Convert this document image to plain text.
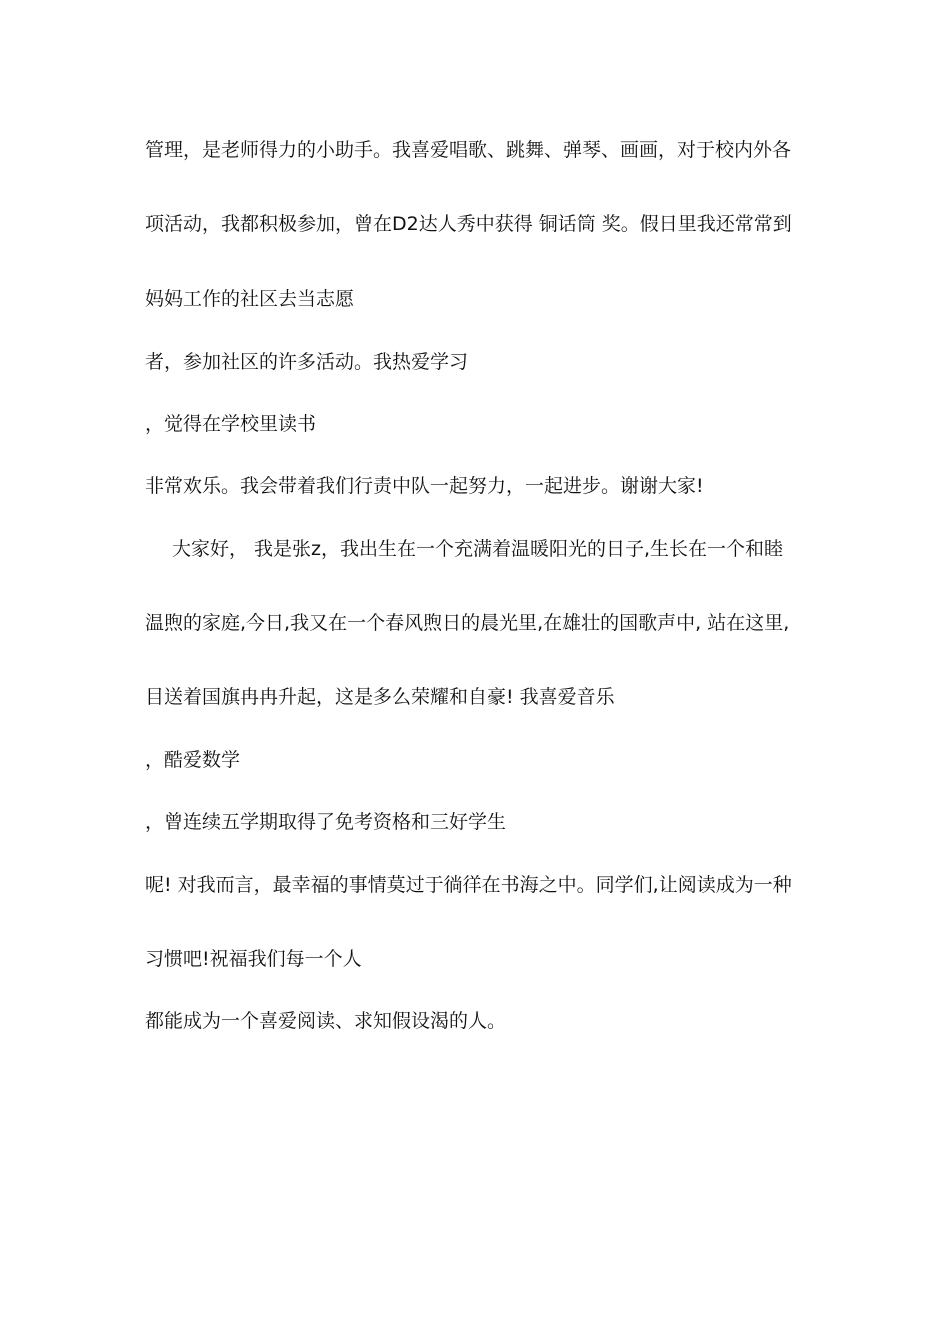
管理，是老师得力的小助手。我喜爱唱歌、跳舞、弹琴、画画，对于校内外各
项活动，我都积极参加，曾在D2达人秀中获得 铜话筒 奖。假日里我还常常到
妈妈工作的社区去当志愿
者，参加社区的许多活动。我热爱学习
，觉得在学校里读书
非常欢乐。我会带着我们行责中队一起努力，一起进步。谢谢大家!
大家好， 我是张z，我出生在一个充满着温暖阳光的日子,生长在一个和睦
温煦的家庭,今日,我又在一个春风煦日的晨光里,在雄壮的国歌声中, 站在这里,
目送着国旗冉冉升起，这是多么荣耀和自豪! 我喜爱音乐
，酷爱数学
，曾连续五学期取得了免考资格和三好学生
呢! 对我而言，最幸福的事情莫过于徜徉在书海之中。同学们,让阅读成为一种
习惯吧!祝福我们每一个人
都能成为一个喜爱阅读、求知假设渴的人。
